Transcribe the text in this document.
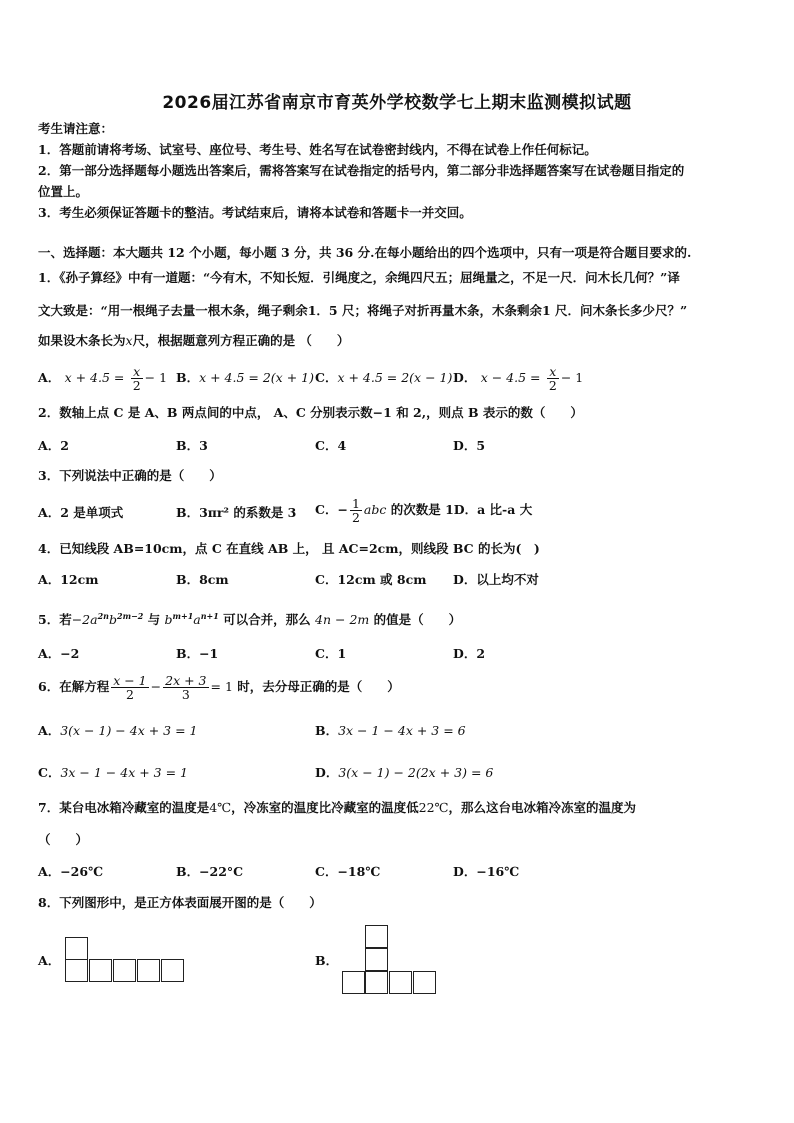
2026届江苏省南京市育英外学校数学七上期末监测模拟试题
考生请注意：
1．答题前请将考场、试室号、座位号、考生号、姓名写在试卷密封线内，不得在试卷上作任何标记。
2．第一部分选择题每小题选出答案后，需将答案写在试卷指定的括号内，第二部分非选择题答案写在试卷题目指定的
位置上。
3．考生必须保证答题卡的整洁。考试结束后，请将本试卷和答题卡一并交回。
一、选择题：本大题共 12 个小题，每小题 3 分，共 36 分.在每小题给出的四个选项中，只有一项是符合题目要求的.
1．《孙子算经》中有一道题：“今有木，不知长短．引绳度之，余绳四尺五；屈绳量之，不足一尺．问木长几何？”译
文大致是：“用一根绳子去量一根木条，绳子剩余1．5 尺；将绳子对折再量木条，木条剩余1 尺．问木条长多少尺？”
如果设木条长为x尺，根据题意列方程正确的是 （　　）
A． $x + 4.5 = \frac{x}{2} - 1$ B．x + 4.5 = 2(x + 1) C．x + 4.5 = 2(x − 1) D． $x - 4.5 = \frac{x}{2} - 1$
2．数轴上点 C 是 A、B 两点间的中点， A、C 分别表示数−1 和 2,，则点 B 表示的数（　　）
A．2	B．3	C．4	D．5
3．下列说法中正确的是（　　）
A．2 是单项式	B．3πr² 的系数是 3 C．− $\frac{1}{2}$ abc 的次数是 1D．a 比-a 大
4．已知线段 AB=10cm，点 C 在直线 AB 上， 且 AC=2cm，则线段 BC 的长为(　)
A．12cm	B．8cm	C．12cm 或 8cm D．以上均不对
5．若$-2a^{2n}b^{2m-2}$ 与 $b^{m+1}a^{n+1}$ 可以合并，那么 4n − 2m 的值是（　　）
A．−2	B．−1	C．1	D．2
6．在解方程 $\frac{x - 1}{2} - \frac{2x + 3}{3} = 1$ 时，去分母正确的是（　　）
A．3(x − 1) − 4x + 3 = 1	B．3x − 1 − 4x + 3 = 6
C．3x − 1 − 4x + 3 = 1	D．3(x − 1) − 2(2x + 3) = 6
7．某台电冰箱冷藏室的温度是4℃，冷冻室的温度比冷藏室的温度低22℃，那么这台电冰箱冷冻室的温度为
（　　）
A．−26℃	B．−22°C	C．−18℃	D．−16℃
8．下列图形中，是正方体表面展开图的是（　　）
A．	B．
